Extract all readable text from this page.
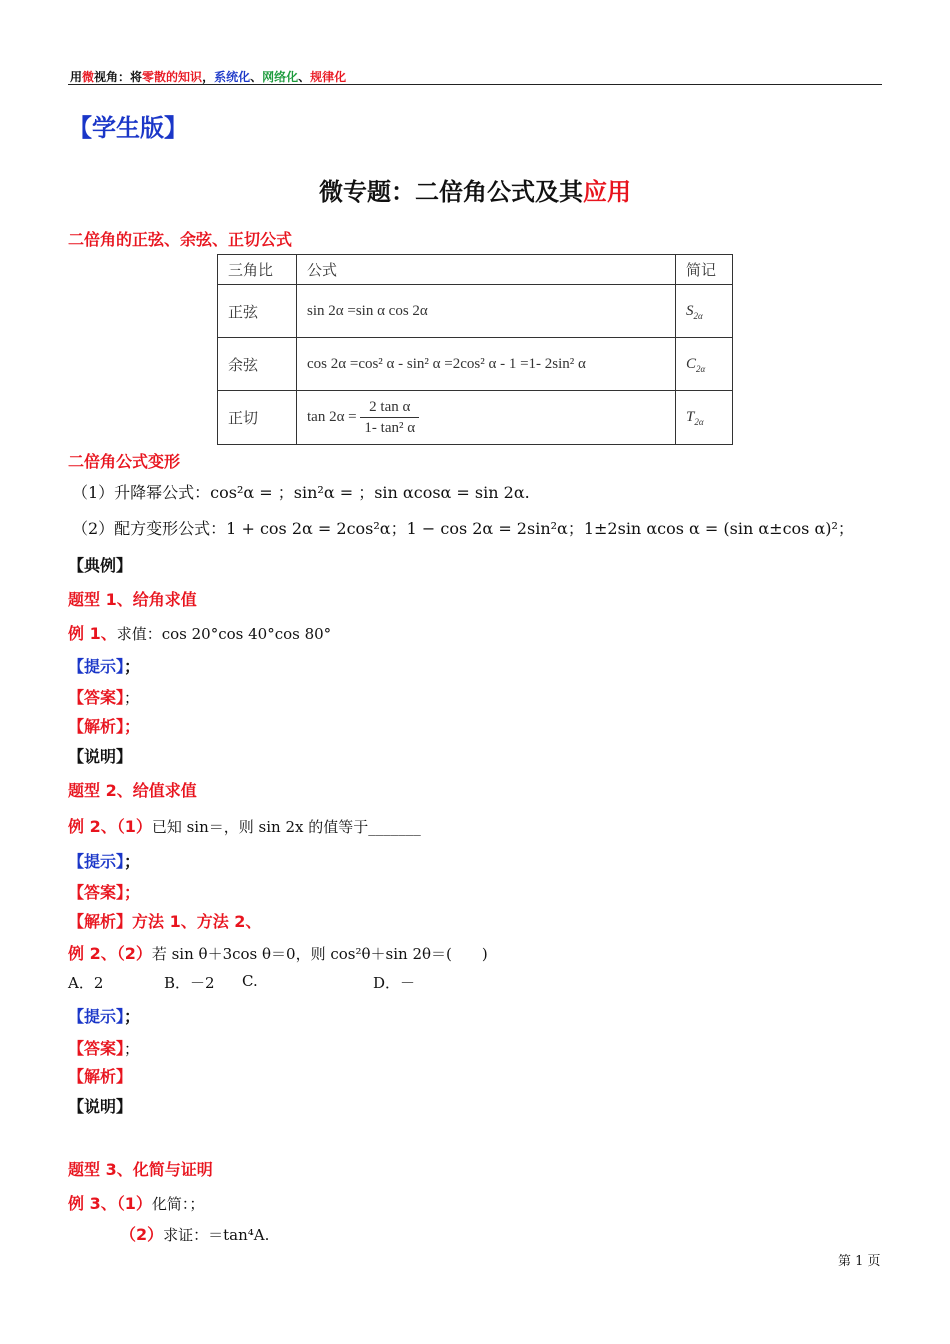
用微视角：将零散的知识，系统化、网络化、规律化
【学生版】
微专题：二倍角公式及其应用
二倍角的正弦、余弦、正切公式
三角比	公式	简记
正弦	sin 2α =sin α cos 2α	$S_{2\alpha}$
余弦	cos 2α =cos² α - sin² α =2cos² α - 1 =1- 2sin² α	$C_{2\alpha}$
正切	$\tan 2\alpha = \frac{\text{2 tan α}}{\text{1- tan² α}}$	$T_{2\alpha}$
二倍角公式变形
（1）升降幂公式：cos²α = ；sin²α = ；sin αcosα = sin 2α.
（2）配方变形公式：1 + cos 2α = 2cos²α；1 − cos 2α = 2sin²α；1±2sin αcos α = (sin α±cos α)²；
【典例】
题型 1、给角求值
例 1、求值：cos 20°cos 40°cos 80°
【提示】；
【答案】；
【解析】；
【说明】
题型 2、给值求值
例 2、（1）已知 sin＝，则 sin 2x 的值等于_______
【提示】；
【答案】；
【解析】方法 1、方法 2、
例 2、（2）若 sin θ＋3cos θ＝0，则 cos²θ＋sin 2θ＝(　　)
A．2	B．－2 C.	D．－
【提示】；
【答案】；
【解析】
【说明】
题型 3、化简与证明
例 3、（1）化简：；
（2）求证：＝tan⁴A.
第 1 页
